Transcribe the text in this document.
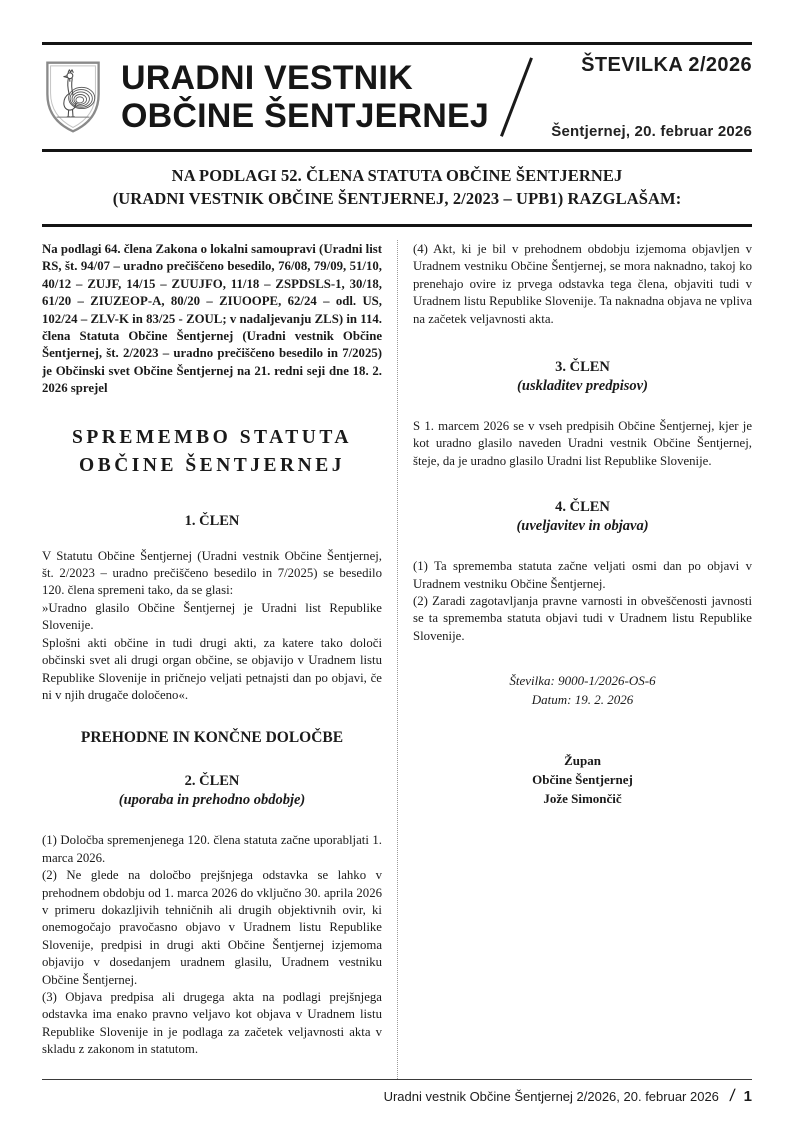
URADNI VESTNIK
OBČINE ŠENTJERNEJ
ŠTEVILKA 2/2026
Šentjernej, 20. februar 2026
NA PODLAGI 52. ČLENA STATUTA OBČINE ŠENTJERNEJ
(URADNI VESTNIK OBČINE ŠENTJERNEJ, 2/2023 – UPB1) RAZGLAŠAM:

Na podlagi 64. člena Zakona o lokalni samoupravi (Uradni list RS, št. 94/07 – uradno prečiščeno besedilo, 76/08, 79/09, 51/10, 40/12 – ZUJF, 14/15 – ZUUJFO, 11/18 – ZSPDSLS-1, 30/18, 61/20 – ZIUZEOP-A, 80/20 – ZIUOOPE, 62/24 – odl. US, 102/24 – ZLV-K in 83/25 - ZOUL; v nadaljevanju ZLS) in 114. člena Statuta Občine Šentjernej (Uradni vestnik Občine Šentjernej, št. 2/2023 – uradno prečiščeno besedilo in 7/2025) je Občinski svet Občine Šentjernej na 21. redni seji dne 18. 2. 2026 sprejel

SPREMEMBO STATUTA
OBČINE ŠENTJERNEJ
1. ČLEN

V Statutu Občine Šentjernej (Uradni vestnik Občine Šentjernej, št. 2/2023 – uradno prečiščeno besedilo in 7/2025) se besedilo 120. člena spremeni tako, da se glasi:

»Uradno glasilo Občine Šentjernej je Uradni list Republike Slovenije.

Splošni akti občine in tudi drugi akti, za katere tako določi občinski svet ali drugi organ občine, se objavijo v Uradnem listu Republike Slovenije in pričnejo veljati petnajsti dan po objavi, če ni v njih drugače določeno«.

PREHODNE IN KONČNE DOLOČBE
2. ČLEN
(uporaba in prehodno obdobje)

(1) Določba spremenjenega 120. člena statuta začne uporabljati 1. marca 2026.

(2) Ne glede na določbo prejšnjega odstavka se lahko v prehodnem obdobju od 1. marca 2026 do vključno 30. aprila 2026 v primeru dokazljivih tehničnih ali drugih objektivnih ovir, ki onemogočajo pravočasno objavo v Uradnem listu Republike Slovenije, predpisi in drugi akti Občine Šentjernej izjemoma objavijo v dosedanjem uradnem glasilu, Uradnem vestniku Občine Šentjernej.

(3) Objava predpisa ali drugega akta na podlagi prejšnjega odstavka ima enako pravno veljavo kot objava v Uradnem listu Republike Slovenije in je podlaga za začetek veljavnosti akta v skladu z zakonom in statutom.

(4) Akt, ki je bil v prehodnem obdobju izjemoma objavljen v Uradnem vestniku Občine Šentjernej, se mora naknadno, takoj ko prenehajo ovire iz prvega odstavka tega člena, objaviti tudi v Uradnem listu Republike Slovenije. Ta naknadna objava ne vpliva na začetek veljavnosti akta.

3. ČLEN
(uskladitev predpisov)

S 1. marcem 2026 se v vseh predpisih Občine Šentjernej, kjer je kot uradno glasilo naveden Uradni vestnik Občine Šentjernej, šteje, da je uradno glasilo Uradni list Republike Slovenije.

4. ČLEN
(uveljavitev in objava)

(1) Ta sprememba statuta začne veljati osmi dan po objavi v Uradnem vestniku Občine Šentjernej.

(2) Zaradi zagotavljanja pravne varnosti in obveščenosti javnosti se ta sprememba statuta objavi tudi v Uradnem listu Republike Slovenije.

Številka: 9000-1/2026-OS-6
Datum: 19. 2. 2026
Župan
Občine Šentjernej
Jože Simončič
Uradni vestnik Občine Šentjernej 2/2026, 20. februar 2026 / 1
